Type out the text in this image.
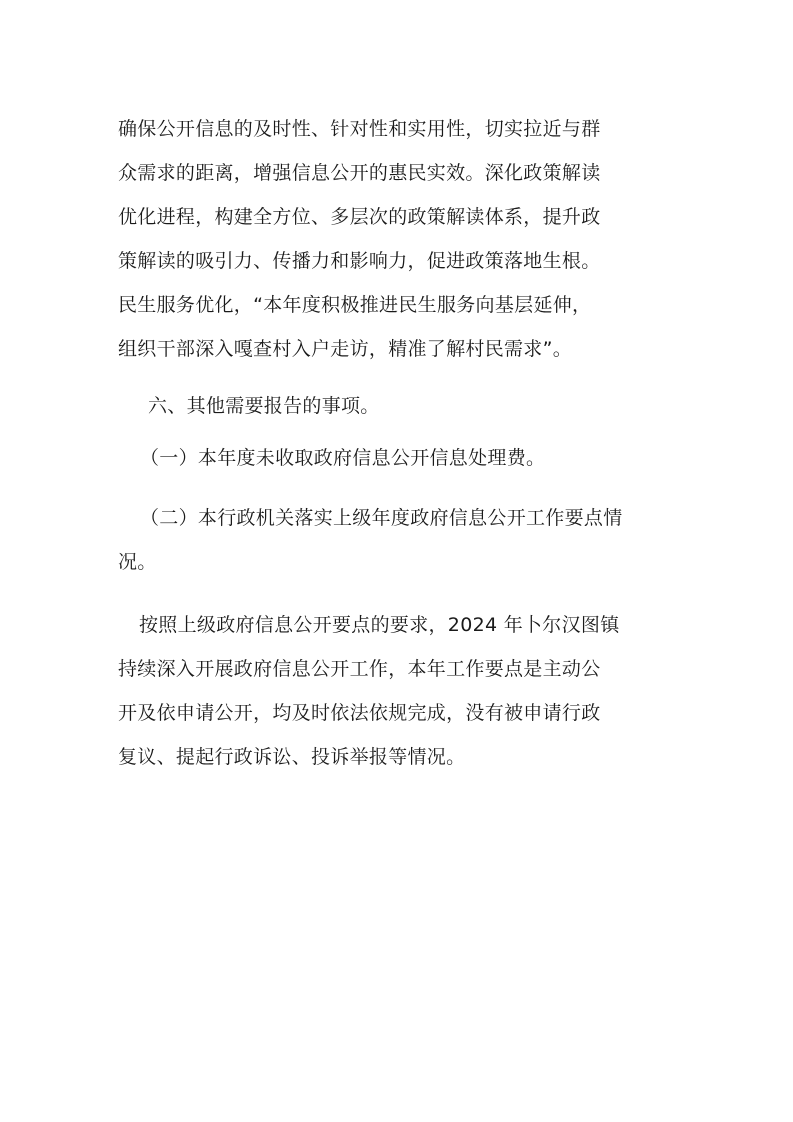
确保公开信息的及时性、针对性和实用性，切实拉近与群
众需求的距离，增强信息公开的惠民实效。深化政策解读
优化进程，构建全方位、多层次的政策解读体系，提升政
策解读的吸引力、传播力和影响力，促进政策落地生根。
民生服务优化，“本年度积极推进民生服务向基层延伸，
组织干部深入嘎查村入户走访，精准了解村民需求”。
六、其他需要报告的事项。
（一）本年度未收取政府信息公开信息处理费。
（二）本行政机关落实上级年度政府信息公开工作要点情
况。
按照上级政府信息公开要点的要求，2024 年卜尔汉图镇
持续深入开展政府信息公开工作，本年工作要点是主动公
开及依申请公开，均及时依法依规完成，没有被申请行政
复议、提起行政诉讼、投诉举报等情况。
